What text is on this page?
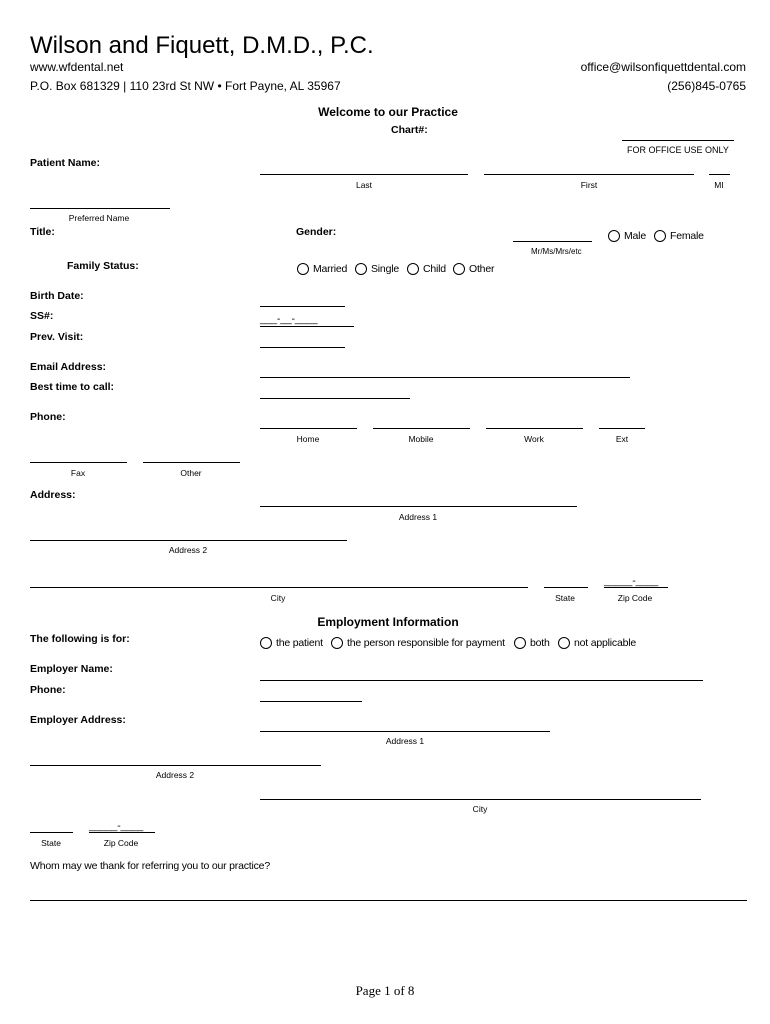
Wilson and Fiquett, D.M.D., P.C.
www.wfdental.net	office@wilsonfiquettdental.com
P.O. Box 681329 | 110 23rd St NW • Fort Payne, AL 35967	(256)845-0765
Welcome to our Practice
Chart#:
FOR OFFICE USE ONLY
Patient Name:
Last	First	MI
Preferred Name
Title:	Gender:
Mr/Ms/Mrs/etc
Male Female
Family Status:	Married Single Child Other
Birth Date:
SS#:	___-__-____
Prev. Visit:
Email Address:
Best time to call:
Phone:
Home	Mobile	Work	Ext
Fax	Other
Address:
Address 1
Address 2
_____-____
City	State	Zip Code
Employment Information
The following is for:	the patient the person responsible for payment both not applicable
Employer Name:
Phone:
Employer Address:
Address 1
Address 2
City
_____-____
State	Zip Code
Whom may we thank for referring you to our practice?
Page 1 of 8
